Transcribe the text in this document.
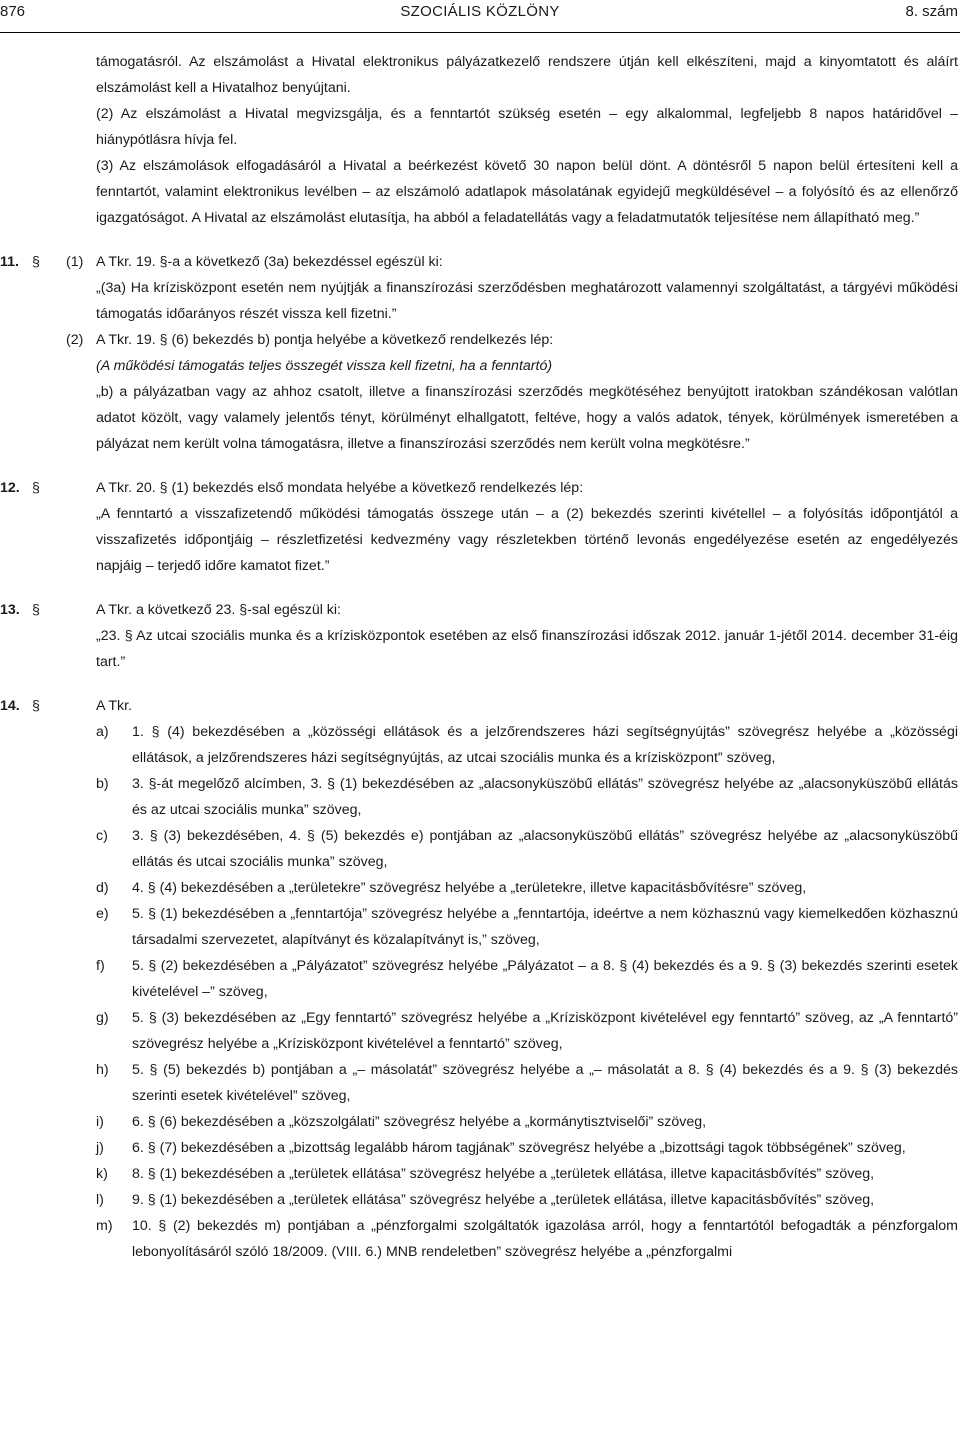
876	SZOCIÁLIS KÖZLÖNY	8. szám

támogatásról. Az elszámolást a Hivatal elektronikus pályázatkezelő rendszere útján kell elkészíteni, majd a kinyomtatott és aláírt elszámolást kell a Hivatalhoz benyújtani.

(2) Az elszámolást a Hivatal megvizsgálja, és a fenntartót szükség esetén – egy alkalommal, legfeljebb 8 napos határidővel – hiánypótlásra hívja fel.

(3) Az elszámolások elfogadásáról a Hivatal a beérkezést követő 30 napon belül dönt. A döntésről 5 napon belül értesíteni kell a fenntartót, valamint elektronikus levélben – az elszámoló adatlapok másolatának egyidejű megküldésével – a folyósító és az ellenőrző igazgatóságot. A Hivatal az elszámolást elutasítja, ha abból a feladatellátás vagy a feladatmutatók teljesítése nem állapítható meg.”

11. § (1) A Tkr. 19. §-a a következő (3a) bekezdéssel egészül ki:

„(3a) Ha krízisközpont esetén nem nyújtják a finanszírozási szerződésben meghatározott valamennyi szolgáltatást, a tárgyévi működési támogatás időarányos részét vissza kell fizetni.”

(2) A Tkr. 19. § (6) bekezdés b) pontja helyébe a következő rendelkezés lép:

(A működési támogatás teljes összegét vissza kell fizetni, ha a fenntartó)

„b) a pályázatban vagy az ahhoz csatolt, illetve a finanszírozási szerződés megkötéséhez benyújtott iratokban szándékosan valótlan adatot közölt, vagy valamely jelentős tényt, körülményt elhallgatott, feltéve, hogy a valós adatok, tények, körülmények ismeretében a pályázat nem került volna támogatásra, illetve a finanszírozási szerződés nem került volna megkötésre.”

12. §	A Tkr. 20. § (1) bekezdés első mondata helyébe a következő rendelkezés lép:

„A fenntartó a visszafizetendő működési támogatás összege után – a (2) bekezdés szerinti kivétellel – a folyósítás időpontjától a visszafizetés időpontjáig – részletfizetési kedvezmény vagy részletekben történő levonás engedélyezése esetén az engedélyezés napjáig – terjedő időre kamatot fizet.”

13. §	A Tkr. a következő 23. §-sal egészül ki:

„23. § Az utcai szociális munka és a krízisközpontok esetében az első finanszírozási időszak 2012. január 1-jétől 2014. december 31-éig tart.”

14. §	A Tkr.

a) 1. § (4) bekezdésében a „közösségi ellátások és a jelzőrendszeres házi segítségnyújtás” szövegrész helyébe a „közösségi ellátások, a jelzőrendszeres házi segítségnyújtás, az utcai szociális munka és a krízisközpont” szöveg,

b) 3. §-át megelőző alcímben, 3. § (1) bekezdésében az „alacsonyküszöbű ellátás” szövegrész helyébe az „alacsonyküszöbű ellátás és az utcai szociális munka” szöveg,

c) 3. § (3) bekezdésében, 4. § (5) bekezdés e) pontjában az „alacsonyküszöbű ellátás” szövegrész helyébe az „alacsonyküszöbű ellátás és utcai szociális munka” szöveg,

d) 4. § (4) bekezdésében a „területekre” szövegrész helyébe a „területekre, illetve kapacitásbővítésre” szöveg,

e) 5. § (1) bekezdésében a „fenntartója” szövegrész helyébe a „fenntartója, ideértve a nem közhasznú vagy kiemelkedően közhasznú társadalmi szervezetet, alapítványt és közalapítványt is,” szöveg,

f) 5. § (2) bekezdésében a „Pályázatot” szövegrész helyébe „Pályázatot – a 8. § (4) bekezdés és a 9. § (3) bekezdés szerinti esetek kivételével –” szöveg,

g) 5. § (3) bekezdésében az „Egy fenntartó” szövegrész helyébe a „Krízisközpont kivételével egy fenntartó” szöveg, az „A fenntartó” szövegrész helyébe a „Krízisközpont kivételével a fenntartó” szöveg,

h) 5. § (5) bekezdés b) pontjában a „– másolatát” szövegrész helyébe a „– másolatát a 8. § (4) bekezdés és a 9. § (3) bekezdés szerinti esetek kivételével” szöveg,

i) 6. § (6) bekezdésében a „közszolgálati” szövegrész helyébe a „kormánytisztviselői” szöveg,

j) 6. § (7) bekezdésében a „bizottság legalább három tagjának” szövegrész helyébe a „bizottsági tagok többségének” szöveg,

k) 8. § (1) bekezdésében a „területek ellátása” szövegrész helyébe a „területek ellátása, illetve kapacitásbővítés” szöveg,

l) 9. § (1) bekezdésében a „területek ellátása” szövegrész helyébe a „területek ellátása, illetve kapacitásbővítés” szöveg,

m) 10. § (2) bekezdés m) pontjában a „pénzforgalmi szolgáltatók igazolása arról, hogy a fenntartótól befogadták a pénzforgalom lebonyolításáról szóló 18/2009. (VIII. 6.) MNB rendeletben” szövegrész helyébe a „pénzforgalmi
